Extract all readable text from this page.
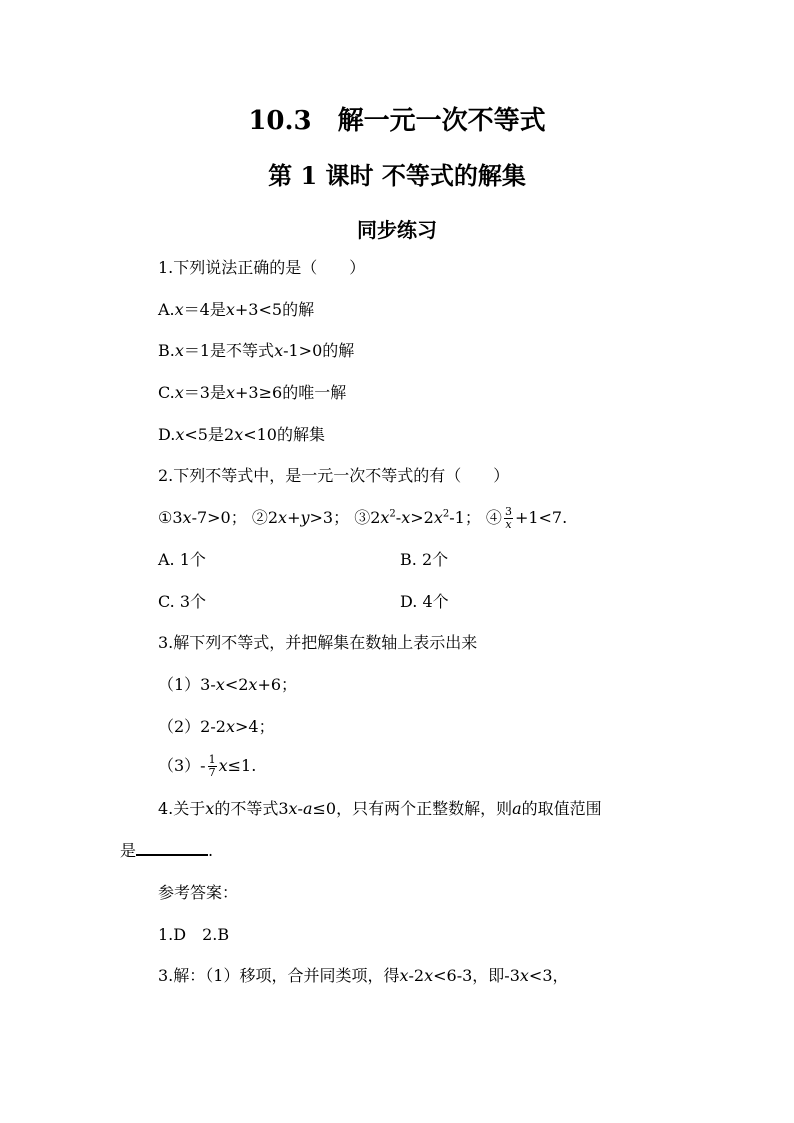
10.3　解一元一次不等式
第 1 课时 不等式的解集
同步练习
1.下列说法正确的是（　　）
A.x＝4是x+3<5的解
B.x＝1是不等式x-1>0的解
C.x＝3是x+3≥6的唯一解
D.x<5是2x<10的解集
2.下列不等式中，是一元一次不等式的有（　　）
①3x-7>0； ②2x+y>3； $③2x^2-x>2x^2-1$； ④ $\frac{3}{x} +1<7$.
A. 1个	B. 2个
C. 3个	D. 4个
3.解下列不等式，并把解集在数轴上表示出来
（1）3-x<2x+6；
（2）2-2x>4；
$(3)- \frac{1}{7} x\le 1$.
4.关于x的不等式3x-a≤0，只有两个正整数解，则a的取值范围
是	.
参考答案：
1.D　2.B
3.解：（1）移项，合并同类项，得x-2x<6-3，即-3x<3，
